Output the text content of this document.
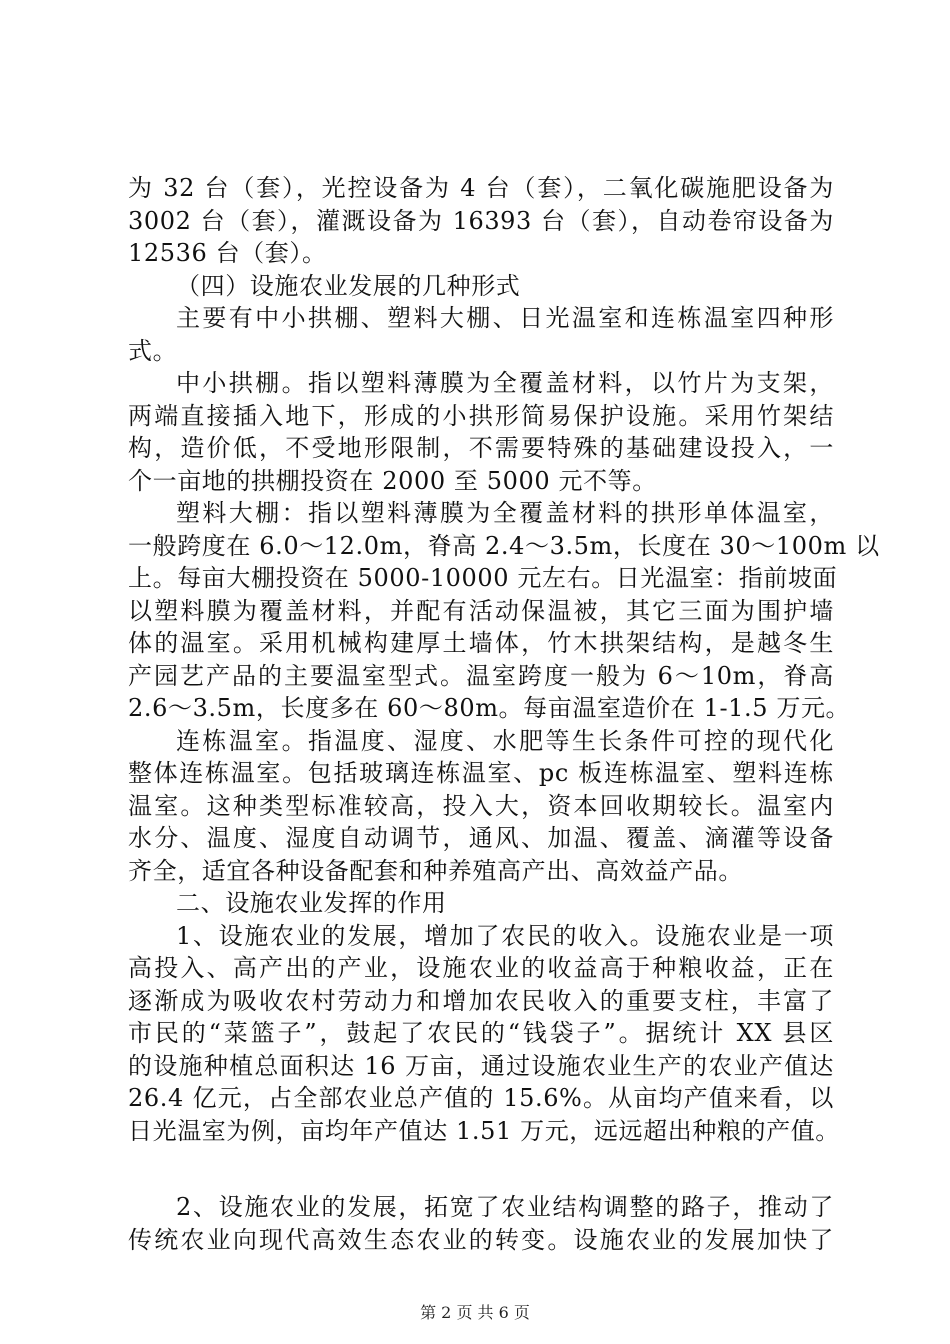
为 32 台（套），光控设备为 4 台（套），二氧化碳施肥设备为
3002 台（套），灌溉设备为 16393 台（套），自动卷帘设备为
12536 台（套）。
（四）设施农业发展的几种形式
主要有中小拱棚、塑料大棚、日光温室和连栋温室四种形
式。
中小拱棚。指以塑料薄膜为全覆盖材料，以竹片为支架，
两端直接插入地下，形成的小拱形简易保护设施。采用竹架结
构，造价低，不受地形限制，不需要特殊的基础建设投入，一
个一亩地的拱棚投资在 2000 至 5000 元不等。
塑料大棚：指以塑料薄膜为全覆盖材料的拱形单体温室，
一般跨度在 6.0～12.0m，脊高 2.4～3.5m，长度在 30～100m 以
上。每亩大棚投资在 5000-10000 元左右。日光温室：指前坡面
以塑料膜为覆盖材料，并配有活动保温被，其它三面为围护墙
体的温室。采用机械构建厚土墙体，竹木拱架结构，是越冬生
产园艺产品的主要温室型式。温室跨度一般为 6～10m，脊高
2.6～3.5m，长度多在 60～80m。每亩温室造价在 1-1.5 万元。
连栋温室。指温度、湿度、水肥等生长条件可控的现代化
整体连栋温室。包括玻璃连栋温室、pc 板连栋温室、塑料连栋
温室。这种类型标准较高，投入大，资本回收期较长。温室内
水分、温度、湿度自动调节，通风、加温、覆盖、滴灌等设备
齐全，适宜各种设备配套和种养殖高产出、高效益产品。
二、设施农业发挥的作用
1、设施农业的发展，增加了农民的收入。设施农业是一项
高投入、高产出的产业，设施农业的收益高于种粮收益，正在
逐渐成为吸收农村劳动力和增加农民收入的重要支柱，丰富了
市民的“菜篮子”，鼓起了农民的“钱袋子”。据统计 XX 县区
的设施种植总面积达 16 万亩，通过设施农业生产的农业产值达
26.4 亿元，占全部农业总产值的 15.6%。从亩均产值来看，以
日光温室为例，亩均年产值达 1.51 万元，远远超出种粮的产值。
2、设施农业的发展，拓宽了农业结构调整的路子，推动了
传统农业向现代高效生态农业的转变。设施农业的发展加快了
第 2 页 共 6 页
